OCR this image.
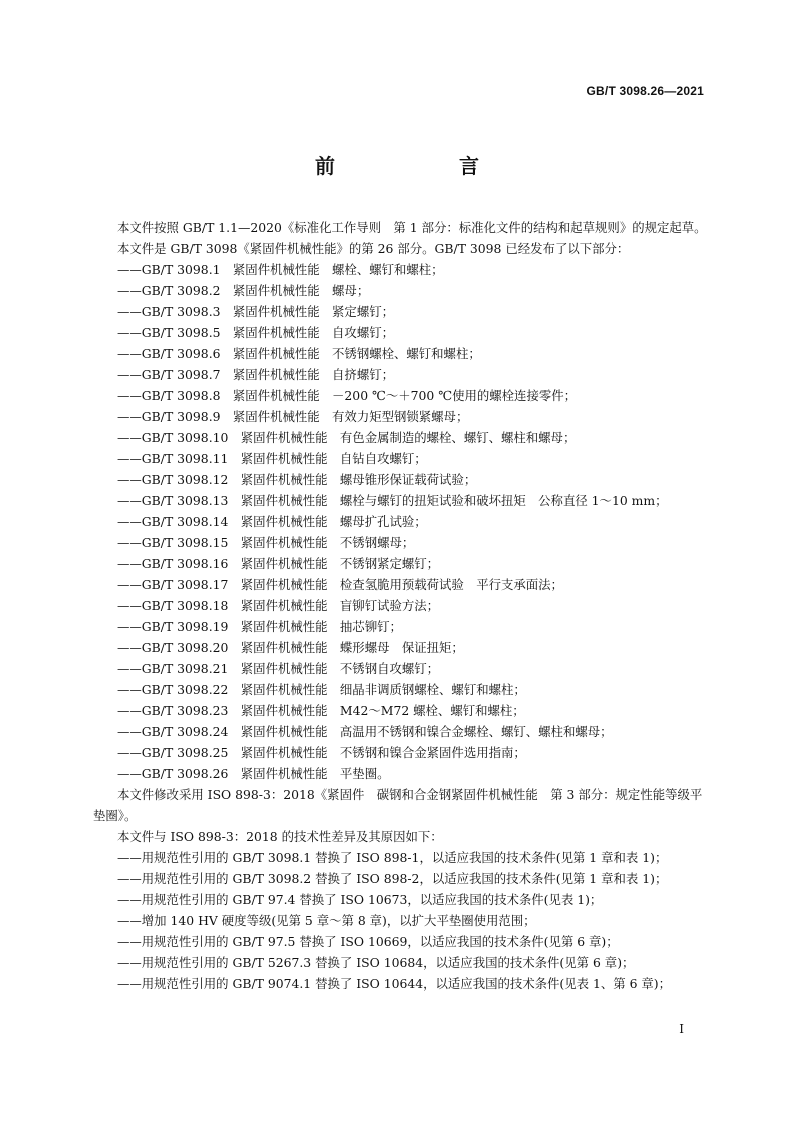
GB/T 3098.26—2021
前　　言

本文件按照 GB/T 1.1—2020《标准化工作导则　第 1 部分：标准化文件的结构和起草规则》的规定起草。

本文件是 GB/T 3098《紧固件机械性能》的第 26 部分。GB/T 3098 已经发布了以下部分：

——GB/T 3098.1　紧固件机械性能　螺栓、螺钉和螺柱；

——GB/T 3098.2　紧固件机械性能　螺母；

——GB/T 3098.3　紧固件机械性能　紧定螺钉；

——GB/T 3098.5　紧固件机械性能　自攻螺钉；

——GB/T 3098.6　紧固件机械性能　不锈钢螺栓、螺钉和螺柱；

——GB/T 3098.7　紧固件机械性能　自挤螺钉；

——GB/T 3098.8　紧固件机械性能　－200 ℃～＋700 ℃使用的螺栓连接零件；

——GB/T 3098.9　紧固件机械性能　有效力矩型钢锁紧螺母；

——GB/T 3098.10　紧固件机械性能　有色金属制造的螺栓、螺钉、螺柱和螺母；

——GB/T 3098.11　紧固件机械性能　自钻自攻螺钉；

——GB/T 3098.12　紧固件机械性能　螺母锥形保证载荷试验；

——GB/T 3098.13　紧固件机械性能　螺栓与螺钉的扭矩试验和破坏扭矩　公称直径 1～10 mm；

——GB/T 3098.14　紧固件机械性能　螺母扩孔试验；

——GB/T 3098.15　紧固件机械性能　不锈钢螺母；

——GB/T 3098.16　紧固件机械性能　不锈钢紧定螺钉；

——GB/T 3098.17　紧固件机械性能　检查氢脆用预载荷试验　平行支承面法；

——GB/T 3098.18　紧固件机械性能　盲铆钉试验方法；

——GB/T 3098.19　紧固件机械性能　抽芯铆钉；

——GB/T 3098.20　紧固件机械性能　蝶形螺母　保证扭矩；

——GB/T 3098.21　紧固件机械性能　不锈钢自攻螺钉；

——GB/T 3098.22　紧固件机械性能　细晶非调质钢螺栓、螺钉和螺柱；

——GB/T 3098.23　紧固件机械性能　M42～M72 螺栓、螺钉和螺柱；

——GB/T 3098.24　紧固件机械性能　高温用不锈钢和镍合金螺栓、螺钉、螺柱和螺母；

——GB/T 3098.25　紧固件机械性能　不锈钢和镍合金紧固件选用指南；

——GB/T 3098.26　紧固件机械性能　平垫圈。

本文件修改采用 ISO 898-3：2018《紧固件　碳钢和合金钢紧固件机械性能　第 3 部分：规定性能等级平垫圈》。

本文件与 ISO 898-3：2018 的技术性差异及其原因如下：

——用规范性引用的 GB/T 3098.1 替换了 ISO 898-1，以适应我国的技术条件(见第 1 章和表 1)；

——用规范性引用的 GB/T 3098.2 替换了 ISO 898-2，以适应我国的技术条件(见第 1 章和表 1)；

——用规范性引用的 GB/T 97.4 替换了 ISO 10673，以适应我国的技术条件(见表 1)；

——增加 140 HV 硬度等级(见第 5 章～第 8 章)，以扩大平垫圈使用范围；

——用规范性引用的 GB/T 97.5 替换了 ISO 10669，以适应我国的技术条件(见第 6 章)；

——用规范性引用的 GB/T 5267.3 替换了 ISO 10684，以适应我国的技术条件(见第 6 章)；

——用规范性引用的 GB/T 9074.1 替换了 ISO 10644，以适应我国的技术条件(见表 1、第 6 章)；

I
